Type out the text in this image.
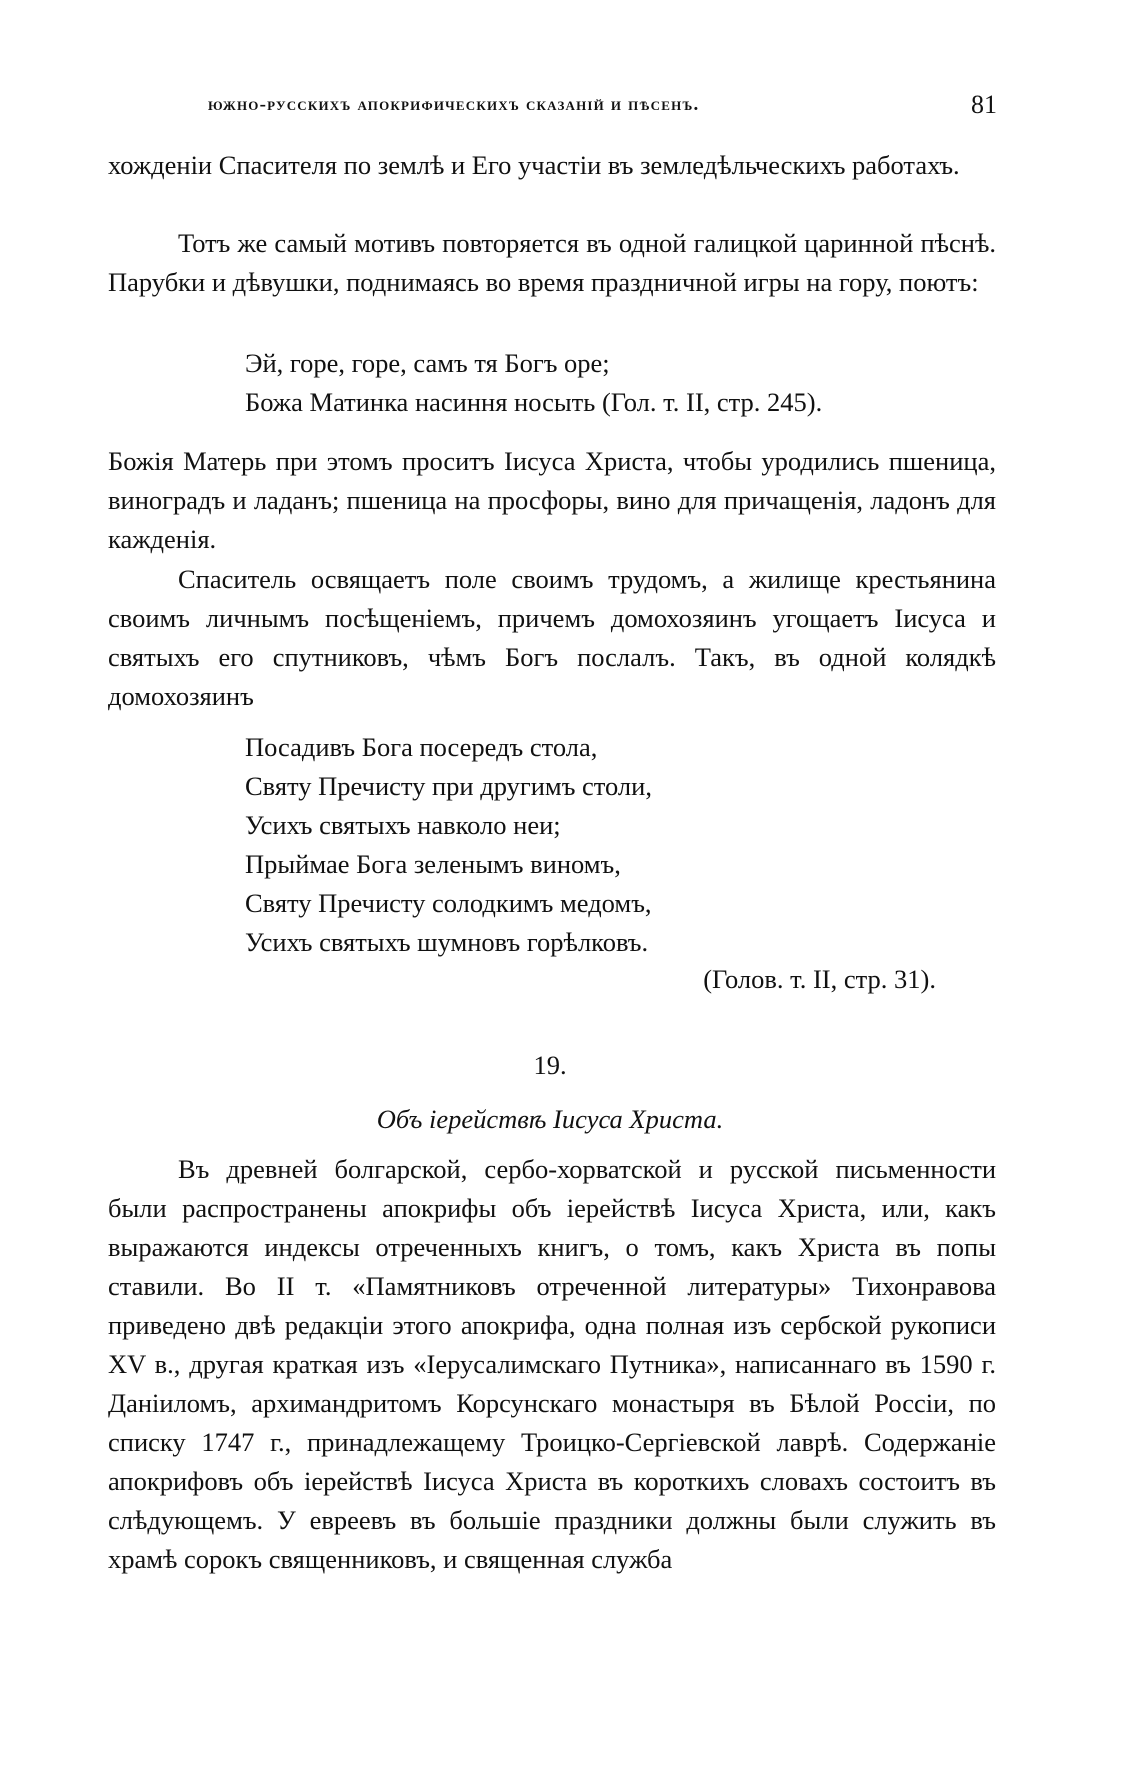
южно-русскихъ апокрифическихъ сказаній и пѣсенъ.	81

хожденіи Спасителя по землѣ и Его участіи въ земледѣльческихъ работахъ.

Тотъ же самый мотивъ повторяется въ одной галицкой царинной пѣснѣ. Парубки и дѣвушки, поднимаясь во время праздничной игры на гору, поютъ:

Эй, горе, горе, самъ тя Богъ оре;
Божа Матинка насиння носыть (Гол. т. II, стр. 245).

Божія Матерь при этомъ проситъ Іисуса Христа, чтобы уродились пшеница, виноградъ и ладанъ; пшеница на просфоры, вино для причащенія, ладонъ для кажденія.

Спаситель освящаетъ поле своимъ трудомъ, а жилище крестьянина своимъ личнымъ посѣщеніемъ, причемъ домохозяинъ угощаетъ Іисуса и святыхъ его спутниковъ, чѣмъ Богъ послалъ. Такъ, въ одной колядкѣ домохозяинъ

Посадивъ Бога посередъ стола,
Святу Пречисту при другимъ столи,
Усихъ святыхъ навколо неи;
Прыймае Бога зеленымъ виномъ,
Святу Пречисту солодкимъ медомъ,
Усихъ святыхъ шумновъ горѣлковъ.
(Голов. т. II, стр. 31).
19.
Объ іерействѣ Іисуса Христа.

Въ древней болгарской, сербо-хорватской и русской письменности были распространены апокрифы объ іерействѣ Іисуса Христа, или, какъ выражаются индексы отреченныхъ книгъ, о томъ, какъ Христа въ попы ставили. Во II т. «Памятниковъ отреченной литературы» Тихонравова приведено двѣ редакціи этого апокрифа, одна полная изъ сербской рукописи XV в., другая краткая изъ «Іерусалимскаго Путника», написаннаго въ 1590 г. Даніиломъ, архимандритомъ Корсунскаго монастыря въ Бѣлой Россіи, по списку 1747 г., принадлежащему Троицко-Сергіевской лаврѣ. Содержаніе апокрифовъ объ іерействѣ Іисуса Христа въ короткихъ словахъ состоитъ въ слѣдующемъ. У евреевъ въ большіе праздники должны были служить въ храмѣ сорокъ священниковъ, и священная служба
